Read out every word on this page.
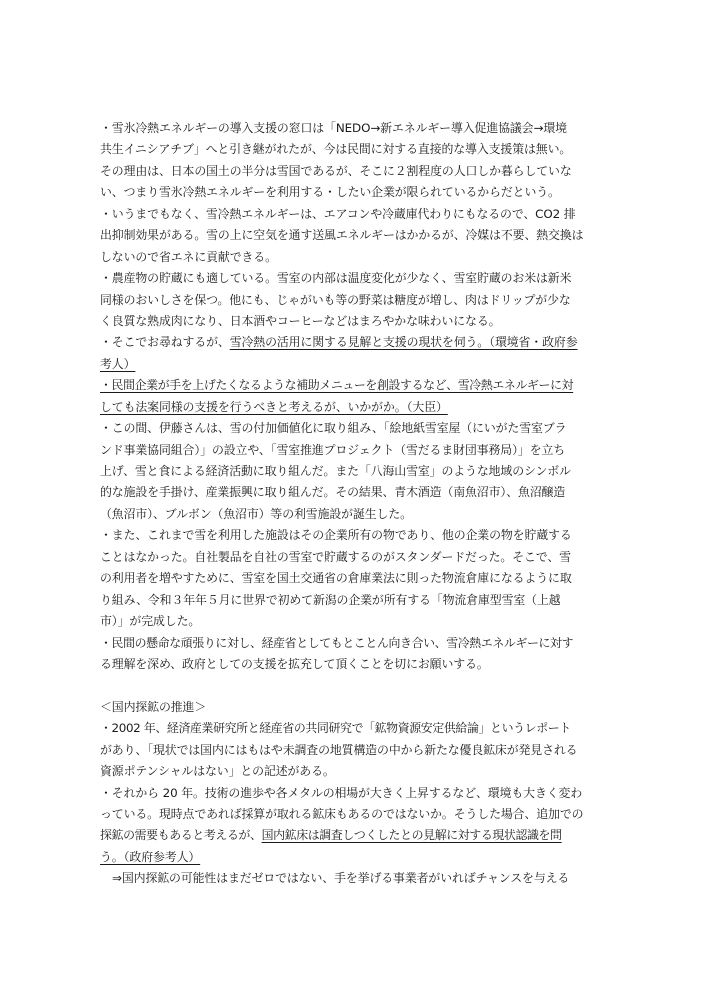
・雪氷冷熱エネルギーの導入支援の窓口は「NEDO→新エネルギー導入促進協議会→環境
共生イニシアチブ」へと引き継がれたが、今は民間に対する直接的な導入支援策は無い。
その理由は、日本の国土の半分は雪国であるが、そこに２割程度の人口しか暮らしていな
い、つまり雪氷冷熱エネルギーを利用する・したい企業が限られているからだという。
・いうまでもなく、雪冷熱エネルギーは、エアコンや冷蔵庫代わりにもなるので、CO2 排
出抑制効果がある。雪の上に空気を通す送風エネルギーはかかるが、冷媒は不要、熱交換は
しないので省エネに貢献できる。
・農産物の貯蔵にも適している。雪室の内部は温度変化が少なく、雪室貯蔵のお米は新米
同様のおいしさを保つ。他にも、じゃがいも等の野菜は糖度が増し、肉はドリップが少な
く良質な熟成肉になり、日本酒やコーヒーなどはまろやかな味わいになる。
・そこでお尋ねするが、雪冷熱の活用に関する見解と支援の現状を伺う。（環境省・政府参
考人）
・民間企業が手を上げたくなるような補助メニューを創設するなど、雪冷熱エネルギーに対
しても法案同様の支援を行うべきと考えるが、いかがか。（大臣）
・この間、伊藤さんは、雪の付加価値化に取り組み、「絵地紙雪室屋（にいがた雪室ブラ
ンド事業協同組合）」の設立や、「雪室推進プロジェクト（雪だるま財団事務局）」を立ち
上げ、雪と食による経済活動に取り組んだ。また「八海山雪室」のような地域のシンボル
的な施設を手掛け、産業振興に取り組んだ。その結果、青木酒造（南魚沼市）、魚沼醸造
（魚沼市）、ブルボン（魚沼市）等の利雪施設が誕生した。
・また、これまで雪を利用した施設はその企業所有の物であり、他の企業の物を貯蔵する
ことはなかった。自社製品を自社の雪室で貯蔵するのがスタンダードだった。そこで、雪
の利用者を増やすために、雪室を国土交通省の倉庫業法に則った物流倉庫になるように取
り組み、令和３年年５月に世界で初めて新潟の企業が所有する「物流倉庫型雪室（上越
市）」が完成した。
・民間の懸命な頑張りに対し、経産省としてもとことん向き合い、雪冷熱エネルギーに対す
る理解を深め、政府としての支援を拡充して頂くことを切にお願いする。
＜国内探鉱の推進＞
・2002 年、経済産業研究所と経産省の共同研究で「鉱物資源安定供給論」というレポート
があり、「現状では国内にはもはや未調査の地質構造の中から新たな優良鉱床が発見される
資源ポテンシャルはない」との記述がある。
・それから 20 年。技術の進歩や各メタルの相場が大きく上昇するなど、環境も大きく変わ
っている。現時点であれば採算が取れる鉱床もあるのではないか。そうした場合、追加での
探鉱の需要もあると考えるが、国内鉱床は調査しつくしたとの見解に対する現状認識を問
う。（政府参考人）
⇒国内探鉱の可能性はまだゼロではない、手を挙げる事業者がいればチャンスを与える
